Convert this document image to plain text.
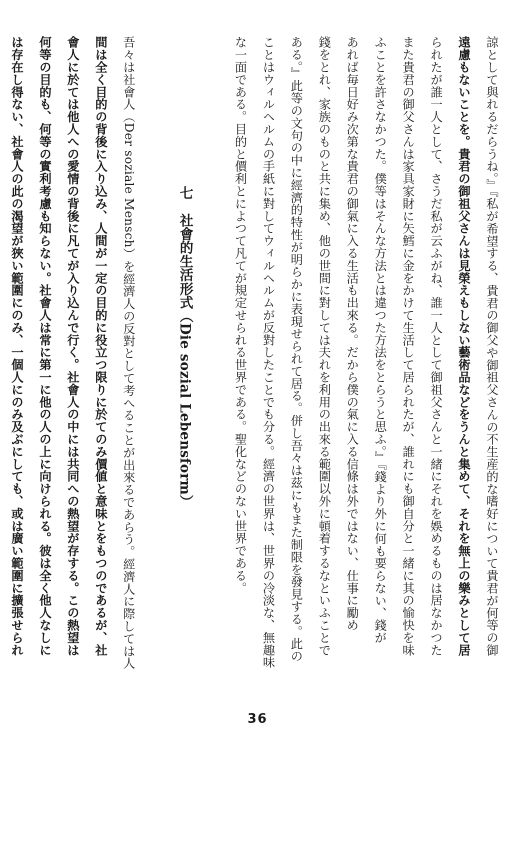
諒として與れるだらうね。』『私が希望する、貴君の御父や御祖父さんの不生産的な嗜好について貴君が何等の御
遠慮もないことを。貴君の御祖父さんは見榮えもしない藝術品などをうんと集めて、それを無上の樂みとして居
られたが誰一人として、さうだ私が云ふがね、誰一人として御祖父さんと一緒にそれを娛めるものは居なかつた
また貴君の御父さんは家具家財に矢鱈に金をかけて生活して居られたが、誰れにも御自分と一緒に其の愉快を味
ふことを許さなかつた。僕等はそんな方法とは違つた方法をとらうと思ふ。』『錢より外に何も要らない、錢が
あれば毎日好み次第な貴君の御氣に入る生活も出來る。だから僕の氣に入る信條は外ではない、仕事に勵め
錢をとれ、家族のものと共に集め、他の世間に對しては夫れを利用の出來る範圍以外に頓着するなといふことで
ある。』此等の文句の中に經濟的特性が明らかに表現せられて居る。併し吾々は茲にもまた制限を發見する。此の
ことはウィルヘルムの手紙に對してウィルヘルムが反對したことでも分る。經濟の世界は、世界の冷淡な、無趣味
な一面である。目的と價利とによつて凡てが規定せられる世界である。聖化などのない世界である。
七　社會的生活形式（Die sozial Lebensform）
吾々は社會人（Der soziale Mensch）を經濟人の反對として考へることが出來るであらう。經濟人に際しては人
間は全く目的の背後に入り込み、人間が一定の目的に役立つ限りに於てのみ價値と意味とをもつのであるが、社
會人に於ては他人への愛情の背後に凡てが入り込んで行く。社會人の中には共同への熱望が存する。この熱望は
何等の目的も、何等の實利考慮も知らない。社會人は常に第一に他の人の上に向けられる。彼は全く他人なしに
は存在し得ない、社會人の此の渴望が狹い範圍にのみ、一個人にのみ及ぶにしても、或は廣い範圍に擴張せられ
36
